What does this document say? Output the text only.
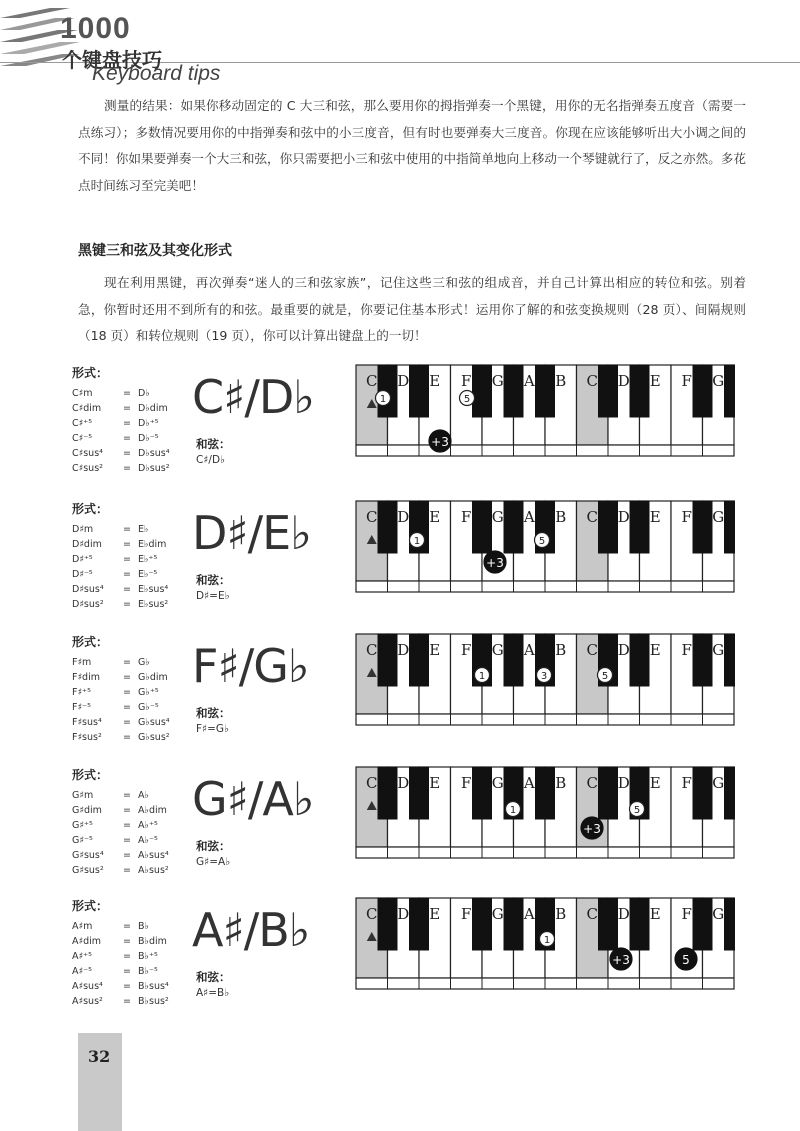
1000
个键盘技巧
Keyboard tips

测量的结果：如果你移动固定的 C 大三和弦，那么要用你的拇指弹奏一个黑键，用你的无名指弹奏五度音（需要一点练习）；多数情况要用你的中指弹奏和弦中的小三度音，但有时也要弹奏大三度音。你现在应该能够听出大小调之间的不同！你如果要弹奏一个大三和弦，你只需要把小三和弦中使用的中指简单地向上移动一个琴键就行了，反之亦然。多花点时间练习至完美吧！

黑键三和弦及其变化形式

现在利用黑键，再次弹奏“迷人的三和弦家族”，记住这些三和弦的组成音，并自己计算出相应的转位和弦。别着急，你暂时还用不到所有的和弦。最重要的就是，你要记住基本形式！运用你了解的和弦变换规则（28 页）、间隔规则（18 页）和转位规则（19 页），你可以计算出键盘上的一切！

形式：
C♯m	= D♭
C♯dim = D♭dim
C♯⁺⁵	= D♭⁺⁵
C♯⁻⁵	= D♭⁻⁵
C♯sus⁴ = D♭sus⁴
C♯sus² = D♭sus²
C♯/D♭
和弦：
C♯/D♭
C D E F G A B C D E F G
1
+3
5
形式：
D♯m	= E♭
D♯dim = E♭dim
D♯⁺⁵	= E♭⁺⁵
D♯⁻⁵	= E♭⁻⁵
D♯sus⁴ = E♭sus⁴
D♯sus² = E♭sus²
D♯/E♭
和弦：
D♯=E♭
C D E F G A B C D E F G
1
+3
5
形式：
F♯m	= G♭
F♯dim = G♭dim
F♯⁺⁵	= G♭⁺⁵
F♯⁻⁵	= G♭⁻⁵
F♯sus⁴ = G♭sus⁴
F♯sus² = G♭sus²
F♯/G♭
和弦：
F♯=G♭
C D E F G A B C D E F G
1	3	5
形式：
G♯m	= A♭
G♯dim = A♭dim
G♯⁺⁵	= A♭⁺⁵
G♯⁻⁵	= A♭⁻⁵
G♯sus⁴ = A♭sus⁴
G♯sus² = A♭sus²
G♯/A♭
和弦：
G♯=A♭
C D E F G A B C D E F G
1
+3
5
形式：
A♯m	= B♭
A♯dim = B♭dim
A♯⁺⁵	= B♭⁺⁵
A♯⁻⁵	= B♭⁻⁵
A♯sus⁴ = B♭sus⁴
A♯sus² = B♭sus²
A♯/B♭
和弦：
A♯=B♭
C D E F G A B C D E F G
1
+3	5
32
